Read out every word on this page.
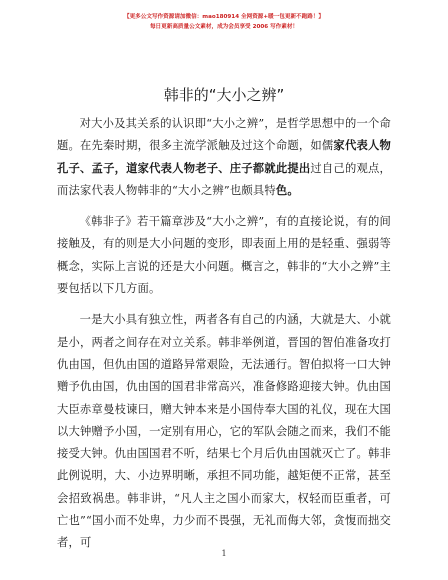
【更多公文写作资源请加微信：mao180914 全网资源+暖一包更新不跑路！】
每日更新高质量公文素材，成为会员享受 2006 写作素材！
韩非的“大小之辨”

对大小及其关系的认识即“大小之辨”，是哲学思想中的一个命题。在先秦时期，很多主流学派触及过这个命题，如儒家代表人物孔子、孟子，道家代表人物老子、庄子都就此提出过自己的观点，而法家代表人物韩非的“大小之辨”也颇具特色。

《韩非子》若干篇章涉及“大小之辨”，有的直接论说，有的间接触及，有的则是大小问题的变形，即表面上用的是轻重、强弱等概念，实际上言说的还是大小问题。概言之，韩非的“大小之辨”主要包括以下几方面。

一是大小具有独立性，两者各有自己的内涵，大就是大、小就是小，两者之间存在对立关系。韩非举例道，晋国的智伯准备攻打仇由国，但仇由国的道路异常艰险，无法通行。智伯拟将一口大钟赠予仇由国，仇由国的国君非常高兴，准备修路迎接大钟。仇由国大臣赤章曼枝谏曰，赠大钟本来是小国侍奉大国的礼仪，现在大国以大钟赠予小国，一定别有用心，它的军队会随之而来，我们不能接受大钟。仇由国国君不听，结果七个月后仇由国就灭亡了。韩非此例说明，大、小边界明晰，承担不同功能，越矩便不正常，甚至会招致祸患。韩非讲，“凡人主之国小而家大，权轻而臣重者，可亡也”“国小而不处卑，力少而不畏强，无礼而侮大邻，贪愎而拙交者，可

1
